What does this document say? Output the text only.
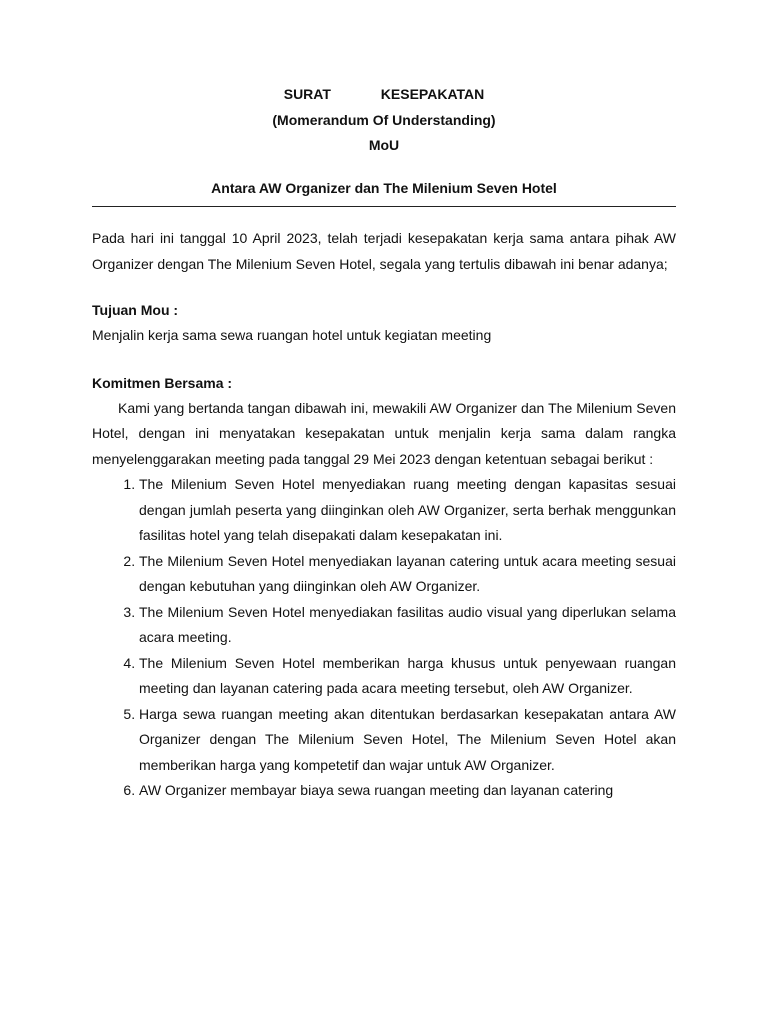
SURAT KESEPAKATAN
(Momerandum Of Understanding)
MoU
Antara AW Organizer dan The Milenium Seven Hotel

Pada hari ini tanggal 10 April 2023, telah terjadi kesepakatan kerja sama antara pihak AW Organizer dengan The Milenium Seven Hotel, segala yang tertulis dibawah ini benar adanya;

Tujuan Mou :

Menjalin kerja sama sewa ruangan hotel untuk kegiatan meeting

Komitmen Bersama :

Kami yang bertanda tangan dibawah ini, mewakili AW Organizer dan The Milenium Seven Hotel, dengan ini menyatakan kesepakatan untuk menjalin kerja sama dalam rangka menyelenggarakan meeting pada tanggal 29 Mei 2023 dengan ketentuan sebagai berikut :

1. The Milenium Seven Hotel menyediakan ruang meeting dengan kapasitas sesuai dengan jumlah peserta yang diinginkan oleh AW Organizer, serta berhak menggunkan fasilitas hotel yang telah disepakati dalam kesepakatan ini.
2. The Milenium Seven Hotel menyediakan layanan catering untuk acara meeting sesuai dengan kebutuhan yang diinginkan oleh AW Organizer.
3. The Milenium Seven Hotel menyediakan fasilitas audio visual yang diperlukan selama acara meeting.
4. The Milenium Seven Hotel memberikan harga khusus untuk penyewaan ruangan meeting dan layanan catering pada acara meeting tersebut, oleh AW Organizer.
5. Harga sewa ruangan meeting akan ditentukan berdasarkan kesepakatan antara AW Organizer dengan The Milenium Seven Hotel, The Milenium Seven Hotel akan memberikan harga yang kompetetif dan wajar untuk AW Organizer.
6. AW Organizer membayar biaya sewa ruangan meeting dan layanan catering
